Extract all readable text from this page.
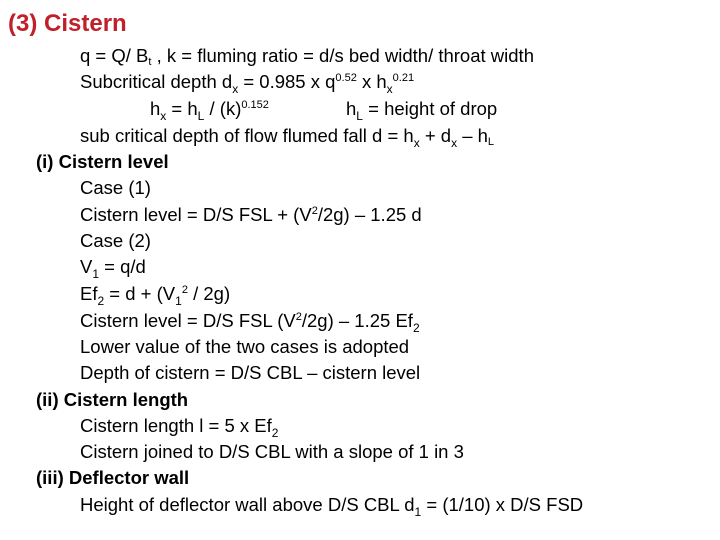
(3) Cistern
q = Q/ Bt , k = fluming ratio = d/s bed width/ throat width
Subcritical depth $d_x = 0.985$ x $q^{0.52}$ x $h_x^{0.21}$
$h_x = h_L / (k)^{0.152}$	$h_L$ = height of drop
sub critical depth of flow flumed fall $d = h_x + d_x$ – hL
(i) Cistern level
Case (1)
Cistern level = D/S FSL + $(V^2/2g) - 1.25$ d
Case (2)
$V_1 = q/d$
$Ef_2 = d + (V_1^2 / 2g)$
Cistern level = D/S FSL $(V^2/2g) - 1.25$ $Ef_2$
Lower value of the two cases is adopted
Depth of cistern = D/S CBL – cistern level
(ii) Cistern length
Cistern length l = 5 x $Ef_2$
Cistern joined to D/S CBL with a slope of 1 in 3
(iii) Deflector wall
Height of deflector wall above D/S CBL $d_1 = (1/10)$ x D/S FSD
